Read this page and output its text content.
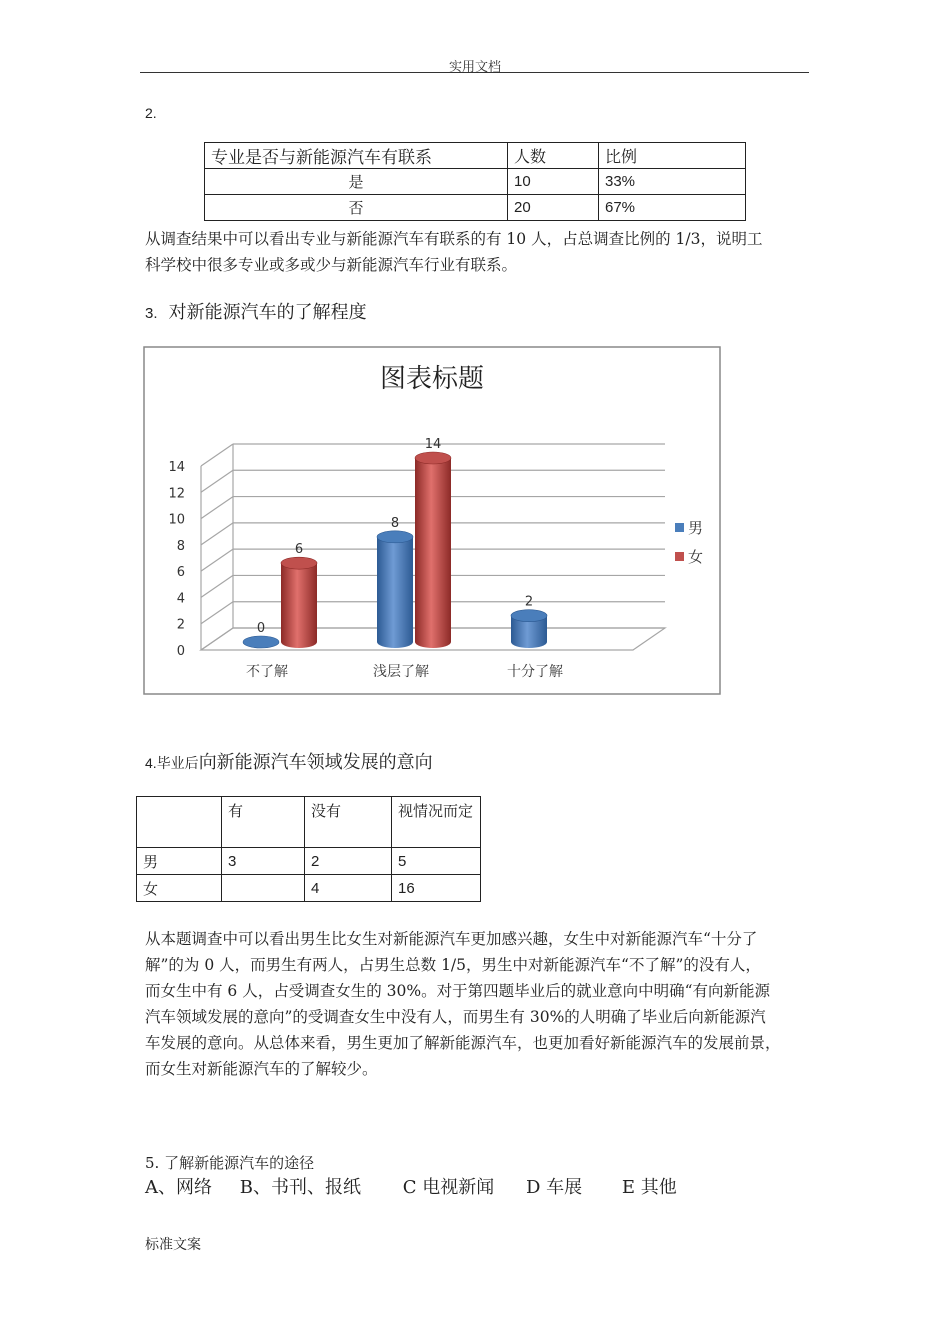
实用文档
2.
专业是否与新能源汽车有联系	人数	比例
是	10	33%
否	20	67%
从调查结果中可以看出专业与新能源汽车有联系的有 10 人，占总调查比例的 1/3，说明工
科学校中很多专业或多或少与新能源汽车行业有联系。
3. 对新能源汽车的了解程度
图表标题
0
2
4
6
8
10
12
14
不了解
0
6
浅层了解
8
14
十分了解
2
男
女
4.毕业后向新能源汽车领域发展的意向
	有	没有	视情况而定
男	3	2	5
女		4	16
从本题调查中可以看出男生比女生对新能源汽车更加感兴趣，女生中对新能源汽车“十分了
解”的为 0 人，而男生有两人，占男生总数 1/5，男生中对新能源汽车“不了解”的没有人，
而女生中有 6 人，占受调查女生的 30%。对于第四题毕业后的就业意向中明确“有向新能源
汽车领域发展的意向”的受调查女生中没有人，而男生有 30%的人明确了毕业后向新能源汽
车发展的意向。从总体来看，男生更加了解新能源汽车，也更加看好新能源汽车的发展前景，
而女生对新能源汽车的了解较少。
5. 了解新能源汽车的途径
A、网络 B、书刊、报纸 C 电视新闻 D 车展 E 其他
标准文案
